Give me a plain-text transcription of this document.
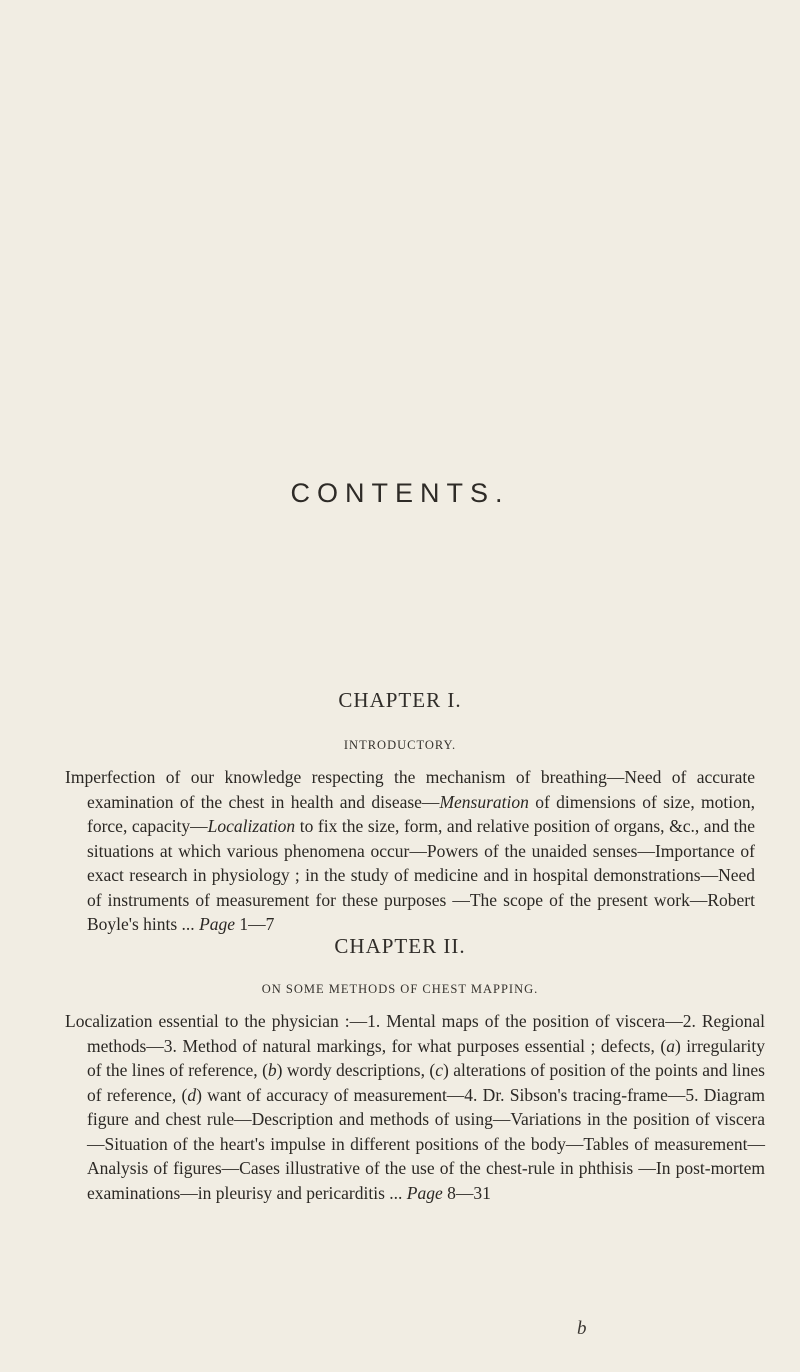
CONTENTS.
CHAPTER I.
INTRODUCTORY.
Imperfection of our knowledge respecting the mechanism of breathing—Need of accurate examination of the chest in health and disease—Mensuration of dimensions of size, motion, force, capacity—Localization to fix the size, form, and relative position of organs, &c., and the situations at which various phenomena occur—Powers of the unaided senses—Importance of exact research in physiology ; in the study of medicine and in hospital demonstrations—Need of instruments of measurement for these purposes —The scope of the present work—Robert Boyle's hints ... Page 1—7
CHAPTER II.
ON SOME METHODS OF CHEST MAPPING.
Localization essential to the physician :—1. Mental maps of the position of viscera—2. Regional methods—3. Method of natural markings, for what purposes essential ; defects, (a) irregularity of the lines of reference, (b) wordy descriptions, (c) alterations of position of the points and lines of reference, (d) want of accuracy of measurement—4. Dr. Sibson's tracing-frame—5. Diagram figure and chest rule—Description and methods of using—Variations in the position of viscera—Situation of the heart's impulse in different positions of the body—Tables of measurement—Analysis of figures—Cases illustrative of the use of the chest-rule in phthisis —In post-mortem examinations—in pleurisy and pericarditis ... Page 8—31
b
